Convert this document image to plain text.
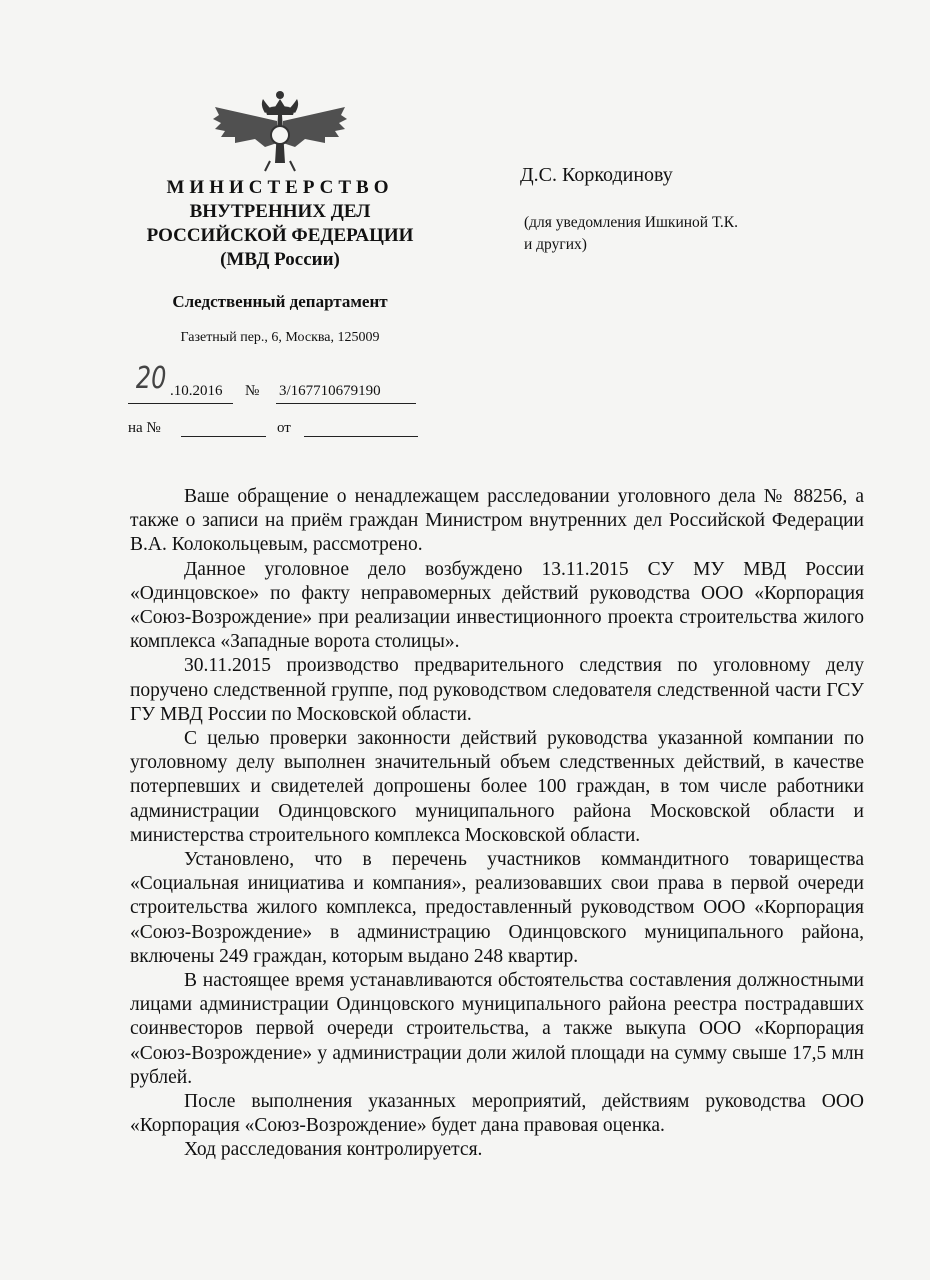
МИНИСТЕРСТВО
ВНУТРЕННИХ ДЕЛ
РОССИЙСКОЙ ФЕДЕРАЦИИ
(МВД России)
Следственный департамент
Газетный пер., 6, Москва, 125009
20 .10.2016 № 3/167710679190
на №	от
Д.С. Коркодинову
(для уведомления Ишкиной Т.К.
и других)

Ваше обращение о ненадлежащем расследовании уголовного дела № 88256, а также о записи на приём граждан Министром внутренних дел Российской Федерации В.А. Колокольцевым, рассмотрено.

Данное уголовное дело возбуждено 13.11.2015 СУ МУ МВД России «Одинцовское» по факту неправомерных действий руководства ООО «Корпорация «Союз-Возрождение» при реализации инвестиционного проекта строительства жилого комплекса «Западные ворота столицы».

30.11.2015 производство предварительного следствия по уголовному делу поручено следственной группе, под руководством следователя следственной части ГСУ ГУ МВД России по Московской области.

С целью проверки законности действий руководства указанной компании по уголовному делу выполнен значительный объем следственных действий, в качестве потерпевших и свидетелей допрошены более 100 граждан, в том числе работники администрации Одинцовского муниципального района Московской области и министерства строительного комплекса Московской области.

Установлено, что в перечень участников коммандитного товарищества «Социальная инициатива и компания», реализовавших свои права в первой очереди строительства жилого комплекса, предоставленный руководством ООО «Корпорация «Союз-Возрождение» в администрацию Одинцовского муниципального района, включены 249 граждан, которым выдано 248 квартир.

В настоящее время устанавливаются обстоятельства составления должностными лицами администрации Одинцовского муниципального района реестра пострадавших соинвесторов первой очереди строительства, а также выкупа ООО «Корпорация «Союз-Возрождение» у администрации доли жилой площади на сумму свыше 17,5 млн рублей.

После выполнения указанных мероприятий, действиям руководства ООО «Корпорация «Союз-Возрождение» будет дана правовая оценка.

Ход расследования контролируется.
